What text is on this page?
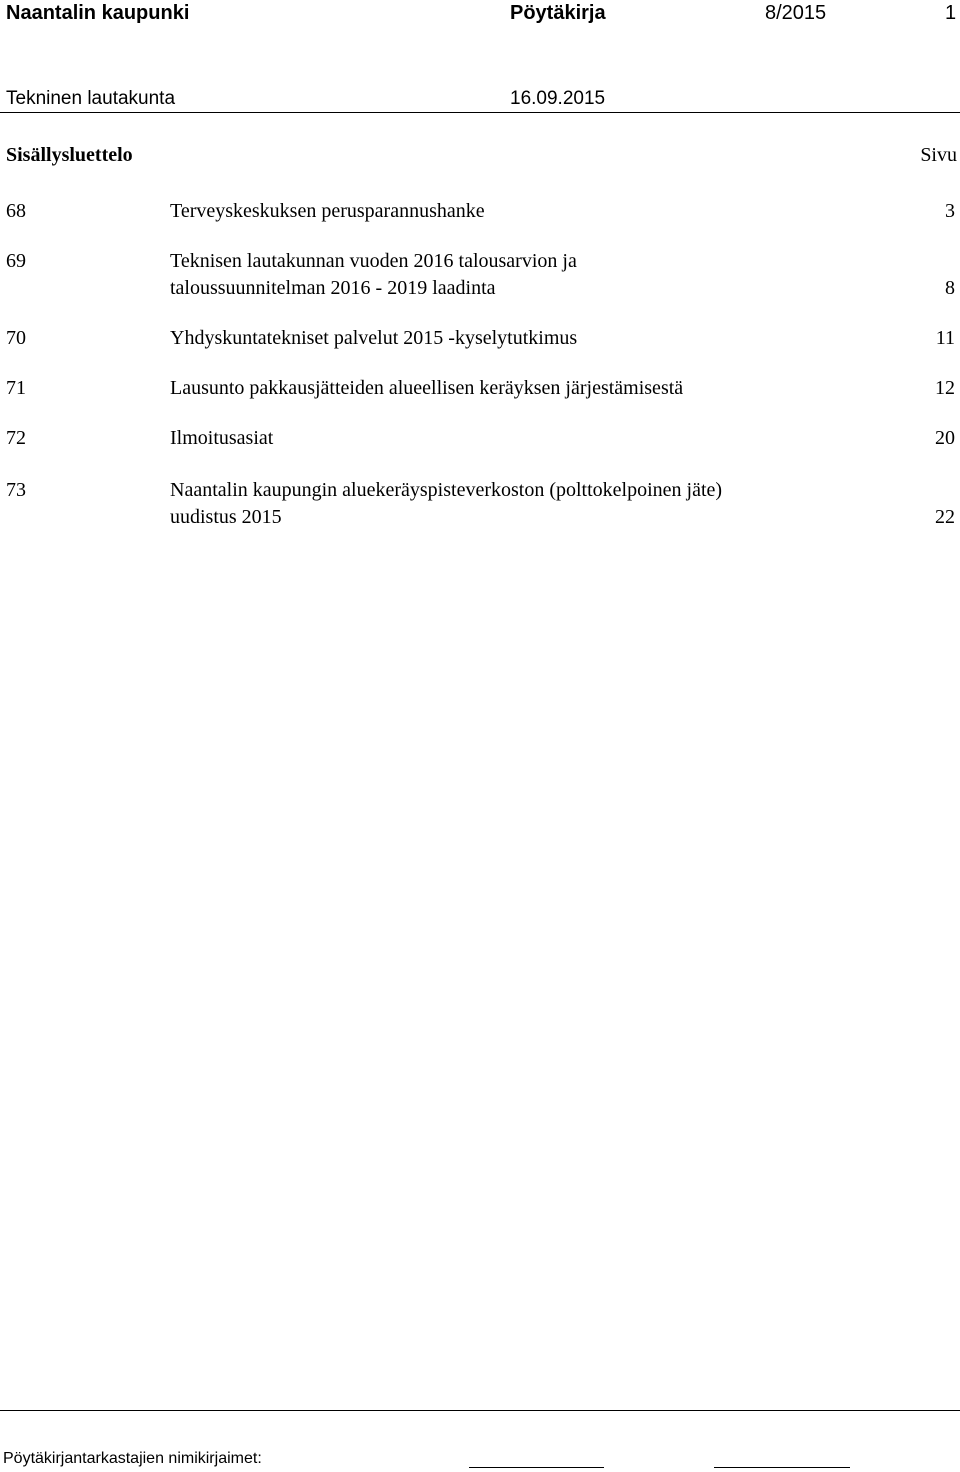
Naantalin kaupunki	Pöytäkirja	8/2015	1
Tekninen lautakunta	16.09.2015
Sisällysluettelo	Sivu
68	Terveyskeskuksen perusparannushanke	3
69	Teknisen lautakunnan vuoden 2016 talousarvion ja
taloussuunnitelman 2016 - 2019 laadinta	8
70	Yhdyskuntatekniset palvelut 2015 -kyselytutkimus	11
71	Lausunto pakkausjätteiden alueellisen keräyksen järjestämisestä	12
72	Ilmoitusasiat	20
73	Naantalin kaupungin aluekeräyspisteverkoston (polttokelpoinen jäte)
uudistus 2015	22
Pöytäkirjantarkastajien nimikirjaimet:
